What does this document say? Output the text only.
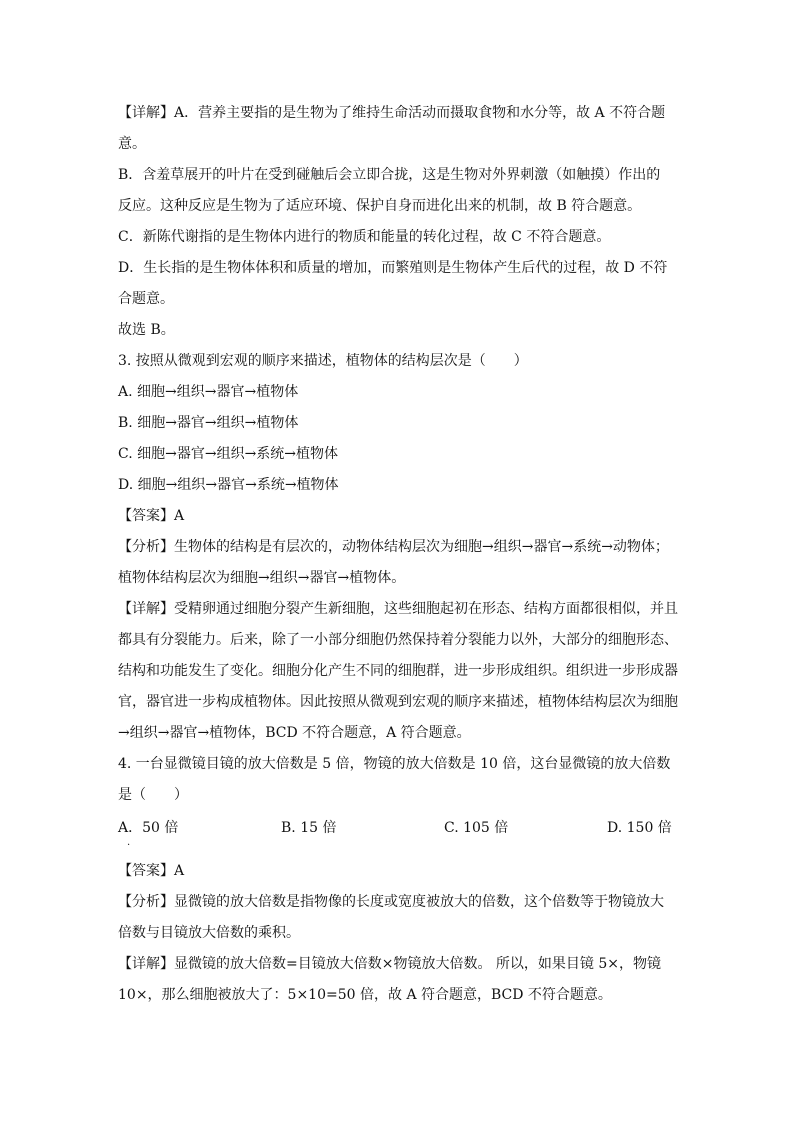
【详解】A．营养主要指的是生物为了维持生命活动而摄取食物和水分等，故 A 不符合题
意。
B．含羞草展开的叶片在受到碰触后会立即合拢，这是生物对外界刺激（如触摸）作出的
反应。这种反应是生物为了适应环境、保护自身而进化出来的机制，故 B 符合题意。
C．新陈代谢指的是生物体内进行的物质和能量的转化过程，故 C 不符合题意。
D．生长指的是生物体体积和质量的增加，而繁殖则是生物体产生后代的过程，故 D 不符
合题意。
故选 B。
3. 按照从微观到宏观的顺序来描述，植物体的结构层次是（　　）
A. 细胞→组织→器官→植物体
B. 细胞→器官→组织→植物体
C. 细胞→器官→组织→系统→植物体
D. 细胞→组织→器官→系统→植物体
【答案】A
【分析】生物体的结构是有层次的，动物体结构层次为细胞→组织→器官→系统→动物体；
植物体结构层次为细胞→组织→器官→植物体。
【详解】受精卵通过细胞分裂产生新细胞，这些细胞起初在形态、结构方面都很相似，并且
都具有分裂能力。后来，除了一小部分细胞仍然保持着分裂能力以外，大部分的细胞形态、
结构和功能发生了变化。细胞分化产生不同的细胞群，进一步形成组织。组织进一步形成器
官，器官进一步构成植物体。因此按照从微观到宏观的顺序来描述，植物体结构层次为细胞
→组织→器官→植物体，BCD 不符合题意，A 符合题意。
4. 一台显微镜目镜的放大倍数是 5 倍，物镜的放大倍数是 10 倍，这台显微镜的放大倍数
是（　　）
A．50 倍	B. 15 倍	C. 105 倍	D. 150 倍
.
【答案】A
【分析】显微镜的放大倍数是指物像的长度或宽度被放大的倍数，这个倍数等于物镜放大
倍数与目镜放大倍数的乘积。
【详解】显微镜的放大倍数=目镜放大倍数×物镜放大倍数。 所以，如果目镜 5×，物镜
10×，那么细胞被放大了：5×10=50 倍，故 A 符合题意，BCD 不符合题意。
